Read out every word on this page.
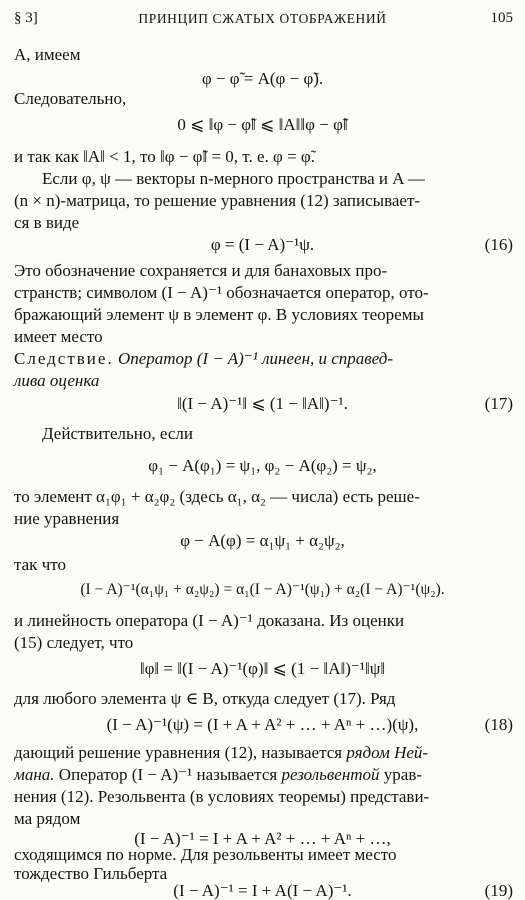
§ 3]	ПРИНЦИП СЖАТЫХ ОТОБРАЖЕНИЙ	105
A, имеем
φ − φ̃ = A(φ − φ̃).
Следовательно,
0 ⩽ ‖φ − φ̃‖ ⩽ ‖A‖‖φ − φ̃‖
и так как ‖A‖ < 1, то ‖φ − φ̃‖ = 0, т. е. φ = φ̃.
Если φ, ψ — векторы n-мерного пространства и A —
(n × n)-матрица, то решение уравнения (12) записывает-
ся в виде
φ = (I − A)⁻¹ψ.	(16)
Это обозначение сохраняется и для банаховых про-
странств; символом (I − A)⁻¹ обозначается оператор, ото-
бражающий элемент ψ в элемент φ. В условиях теоремы
имеет место
Следствие. Оператор (I − A)⁻¹ линеен, и справед-
лива оценка
‖(I − A)⁻¹‖ ⩽ (1 − ‖A‖)⁻¹.	(17)
Действительно, если
φ₁ − A(φ₁) = ψ₁, φ₂ − A(φ₂) = ψ₂,
то элемент α₁φ₁ + α₂φ₂ (здесь α₁, α₂ — числа) есть реше-
ние уравнения
φ − A(φ) = α₁ψ₁ + α₂ψ₂,
так что
(I − A)⁻¹(α₁ψ₁ + α₂ψ₂) = α₁(I − A)⁻¹(ψ₁) + α₂(I − A)⁻¹(ψ₂).
и линейность оператора (I − A)⁻¹ доказана. Из оценки
(15) следует, что
‖φ‖ = ‖(I − A)⁻¹(φ)‖ ⩽ (1 − ‖A‖)⁻¹‖ψ‖
для любого элемента ψ ∈ B, откуда следует (17). Ряд
(I − A)⁻¹(ψ) = (I + A + A² + … + Aⁿ + …)(ψ),	(18)
дающий решение уравнения (12), называется рядом Ней-
мана. Оператор (I − A)⁻¹ называется резольвентой урав-
нения (12). Резольвента (в условиях теоремы) представи-
ма рядом
(I − A)⁻¹ = I + A + A² + … + Aⁿ + …,
сходящимся по норме. Для резольвенты имеет место
тождество Гильберта
(I − A)⁻¹ = I + A(I − A)⁻¹.	(19)
